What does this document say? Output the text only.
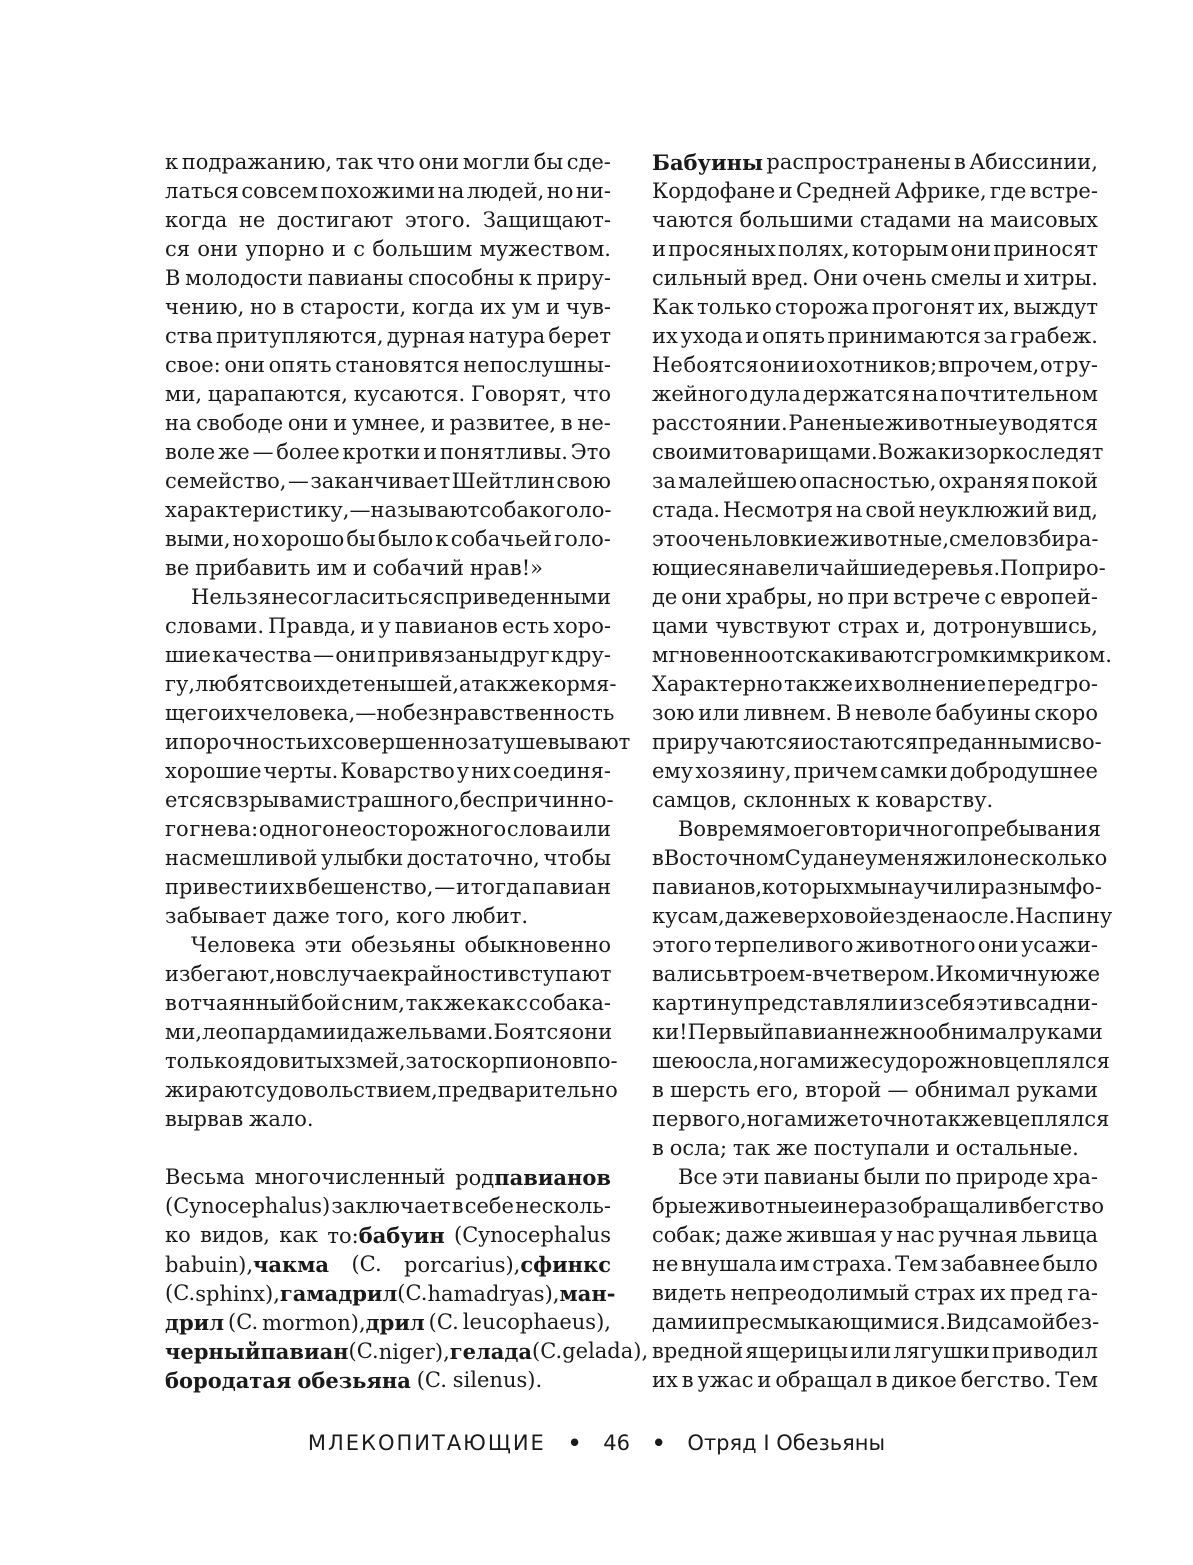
к подражанию, так что они могли бы сде-
латься совсем похожими на людей, но ни-
когда не достигают этого. Защищают-
ся они упорно и с большим мужеством.
В молодости павианы способны к приру-
чению, но в старости, когда их ум и чув-
ства притупляются, дурная натура берет
свое: они опять становятся непослушны-
ми, царапаются, кусаются. Говорят, что
на свободе они и умнее, и развитее, в не-
воле же — более кротки и понятливы. Это
семейство, — заканчивает Шейтлин свою
характеристику, — называют собакоголо-
выми, но хорошо бы было к собачьей голо-
ве прибавить им и собачий нрав!»
Нельзя не согласиться с приведенными
словами. Правда, и у павианов есть хоро-
шие качества — они привязаны друг к дру-
гу, любят своих детенышей, а также кормя-
щего их человека, — но безнравственность
и порочность их совершенно затушевывают
хорошие черты. Коварство у них соединя-
ется с взрывами страшного, беспричинно-
го гнева: одного неосторожного слова или
насмешливой улыбки достаточно, чтобы
привести их в бешенство, — и тогда павиан
забывает даже того, кого любит.
Человека эти обезьяны обыкновенно
избегают, но в случае крайности вступают
в отчаянный бой с ним, так же как с собака-
ми, леопардами и даже львами. Боятся они
только ядовитых змей, зато скорпионов по-
жирают с удовольствием, предварительно
вырвав жало.
Весьма многочисленный родпавианов
(Cynocephalus) заключает в себе несколь-
ко видов, как то:бабуин (Cynocephalus
babuin),чакма (C. porcarius),сфинкс
(C. sphinx),гамадрил (C. hamadryas),ман-
дрил (C. mormon),дрил (C. leucophaeus),
черный павиан (C. niger),гелада (C. gelada),
бородатая обезьяна (C. silenus).
Бабуины распространены в Абиссинии,
Кордофане и Средней Африке, где встре-
чаются большими стадами на маисовых
и просяных полях, которым они приносят
сильный вред. Они очень смелы и хитры.
Как только сторожа прогонят их, выждут
их ухода и опять принимаются за грабеж.
Не боятся они и охотников; впрочем, от ру-
жейного дула держатся на почтительном
расстоянии. Раненые животные уводятся
своими товарищами. Вожаки зорко следят
за малейшею опасностью, охраняя покой
стада. Несмотря на свой неуклюжий вид,
это очень ловкие животные, смело взбира-
ющиеся на величайшие деревья. По приро-
де они храбры, но при встрече с европей-
цами чувствуют страх и, дотронувшись,
мгновенно отскакивают с громким криком.
Характерно также их волнение перед гро-
зою или ливнем. В неволе бабуины скоро
приручаются и остаются преданными сво-
ему хозяину, причем самки добродушнее
самцов, склонных к коварству.
Во время моего вторичного пребывания
в Восточном Судане у меня жило несколько
павианов, которых мы научили разным фо-
кусам, даже верховой езде на осле. На спину
этого терпеливого животного они усажи-
вались втроем-вчетвером. И комичную же
картину представляли из себя эти всадни-
ки! Первый павиан нежно обнимал руками
шею осла, ногами же судорожно вцеплялся
в шерсть его, второй — обнимал руками
первого, ногами же точно так же вцеплялся
в осла; так же поступали и остальные.
Все эти павианы были по природе хра-
брые животные и не раз обращали в бегство
собак; даже жившая у нас ручная львица
не внушала им страха. Тем забавнее было
видеть непреодолимый страх их пред га-
дами и пресмыкающимися. Вид самой без-
вредной ящерицы или лягушки приводил
их в ужас и обращал в дикое бегство. Тем
МЛЕКОПИТАЮЩИЕ • 46 • Отряд I Обезьяны
